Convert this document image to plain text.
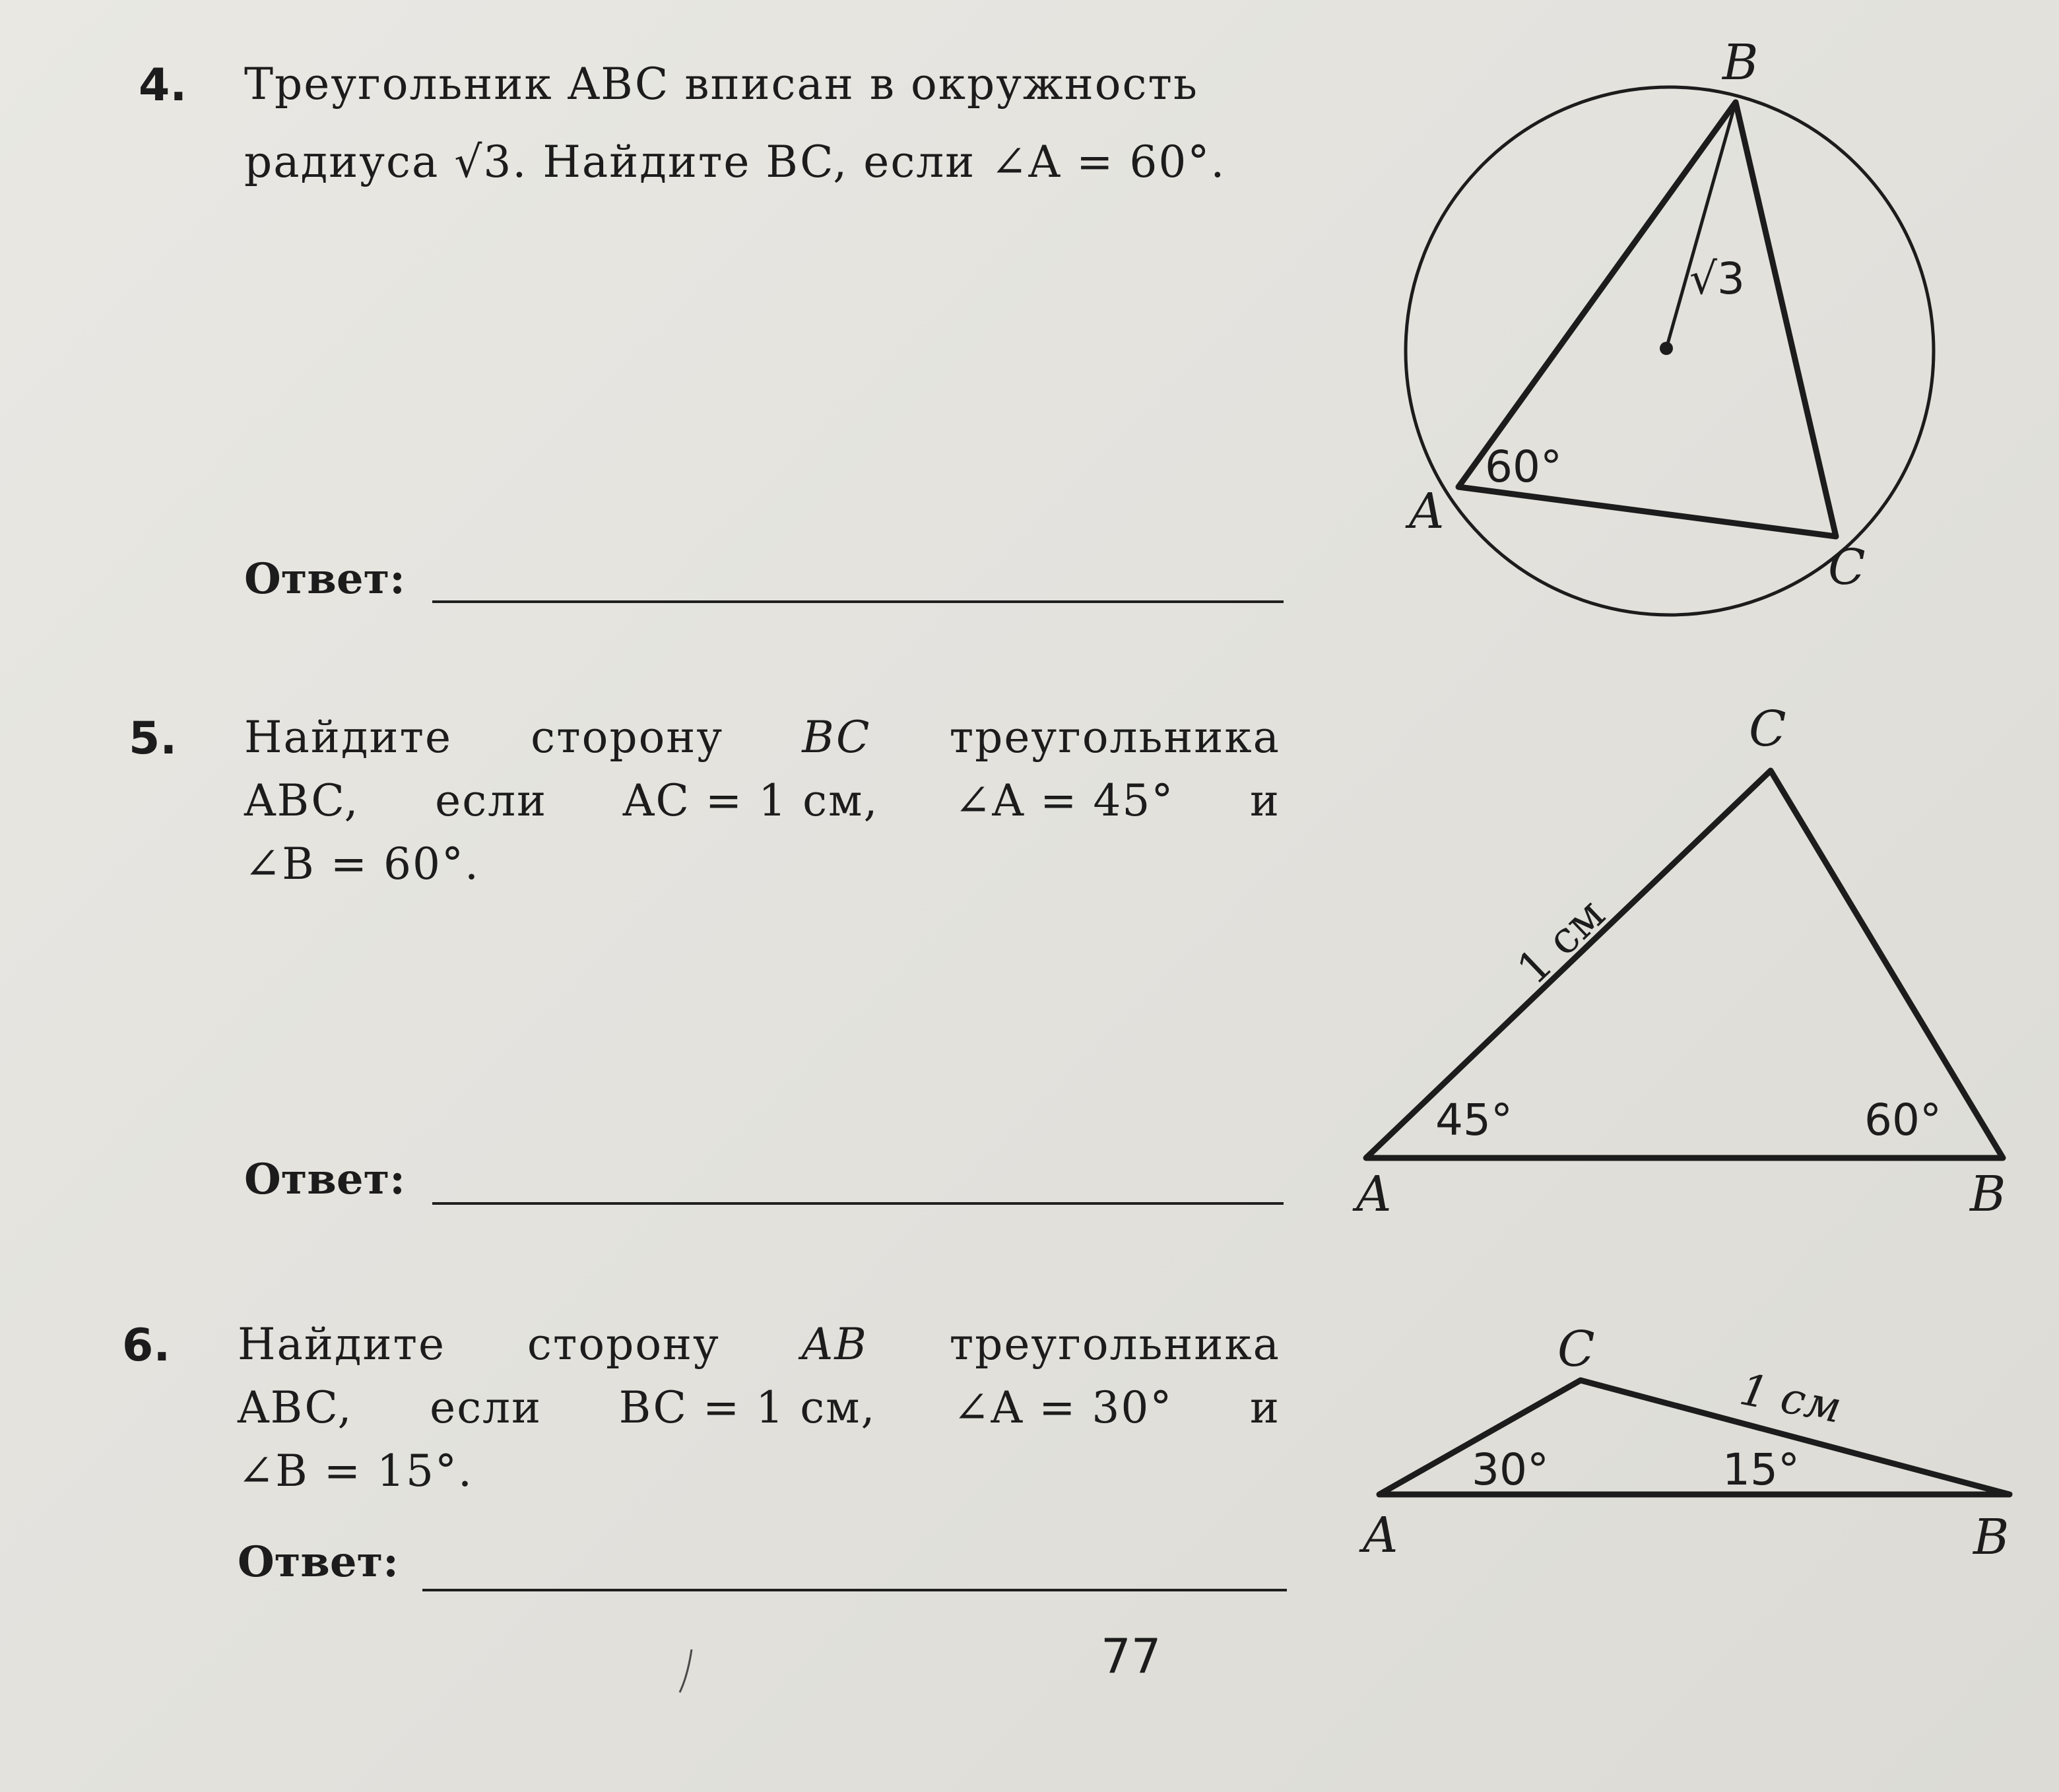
4. Треугольник ABC вписан в окружность
радиуса √3. Найдите BC, если ∠A = 60°.
Ответ:
5. Найдите сторону BC треугольника
ABC, если AC = 1 см, ∠A = 45° и
∠B = 60°.
Ответ:
6. Найдите сторону AB треугольника
ABC, если BC = 1 см, ∠A = 30° и
∠B = 15°.
Ответ:
77
B
A
C
√3
60°
C
A	B
1 см
45°	60°
C
A	B
1 см
30°	15°
